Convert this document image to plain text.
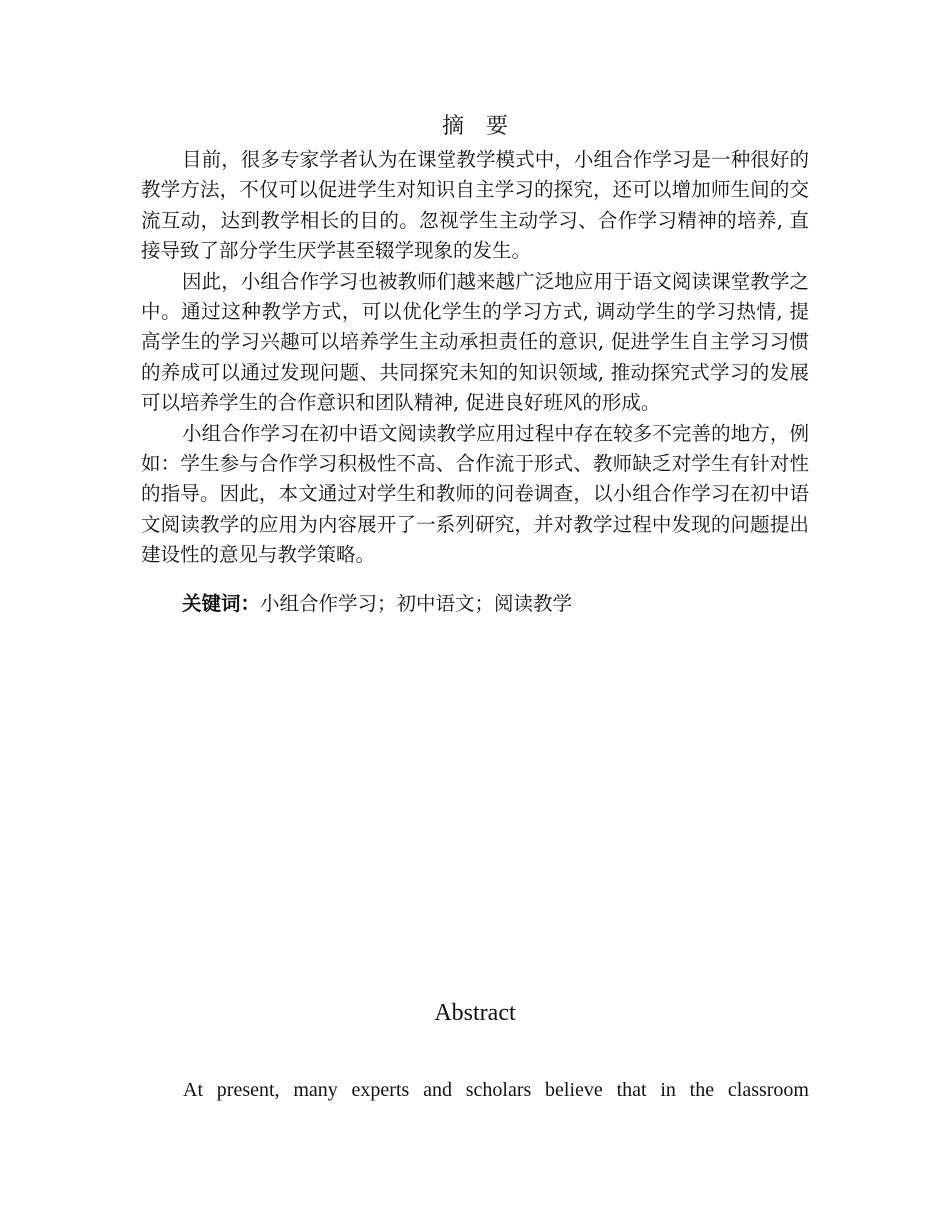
摘要

目前，很多专家学者认为在课堂教学模式中，小组合作学习是一种很好的教学方法，不仅可以促进学生对知识自主学习的探究，还可以增加师生间的交流互动，达到教学相长的目的。忽视学生主动学习、合作学习精神的培养, 直接导致了部分学生厌学甚至辍学现象的发生。

因此，小组合作学习也被教师们越来越广泛地应用于语文阅读课堂教学之中。通过这种教学方式，可以优化学生的学习方式, 调动学生的学习热情, 提高学生的学习兴趣可以培养学生主动承担责任的意识, 促进学生自主学习习惯的养成可以通过发现问题、共同探究未知的知识领域, 推动探究式学习的发展可以培养学生的合作意识和团队精神, 促进良好班风的形成。

小组合作学习在初中语文阅读教学应用过程中存在较多不完善的地方，例如：学生参与合作学习积极性不高、合作流于形式、教师缺乏对学生有针对性的指导。因此，本文通过对学生和教师的问卷调查，以小组合作学习在初中语文阅读教学的应用为内容展开了一系列研究，并对教学过程中发现的问题提出建设性的意见与教学策略。

关键词：小组合作学习；初中语文；阅读教学

Abstract

At present, many experts and scholars believe that in the classroom
